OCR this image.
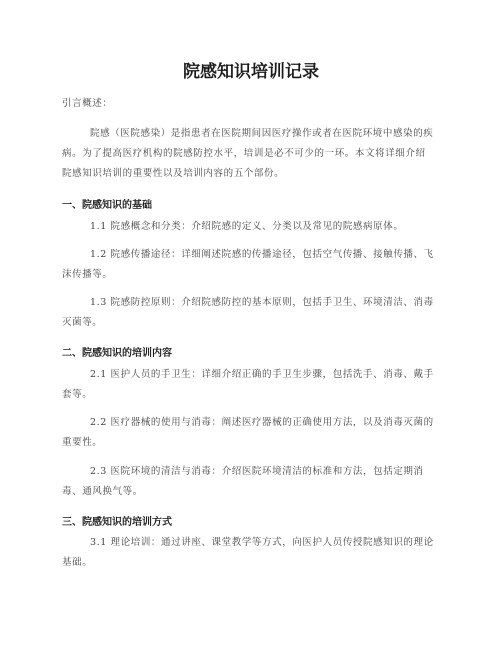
院感知识培训记录
引言概述：
院感（医院感染）是指患者在医院期间因医疗操作或者在医院环境中感染的疾
病。为了提高医疗机构的院感防控水平，培训是必不可少的一环。本文将详细介绍
院感知识培训的重要性以及培训内容的五个部份。
一、院感知识的基础
1.1 院感概念和分类：介绍院感的定义、分类以及常见的院感病原体。
1.2 院感传播途径：详细阐述院感的传播途径，包括空气传播、接触传播、飞
沫传播等。
1.3 院感防控原则：介绍院感防控的基本原则，包括手卫生、环境清洁、消毒
灭菌等。
二、院感知识的培训内容
2.1 医护人员的手卫生：详细介绍正确的手卫生步骤，包括洗手、消毒、戴手
套等。
2.2 医疗器械的使用与消毒：阐述医疗器械的正确使用方法，以及消毒灭菌的
重要性。
2.3 医院环境的清洁与消毒：介绍医院环境清洁的标准和方法，包括定期消
毒、通风换气等。
三、院感知识的培训方式
3.1 理论培训：通过讲座、课堂教学等方式，向医护人员传授院感知识的理论
基础。
